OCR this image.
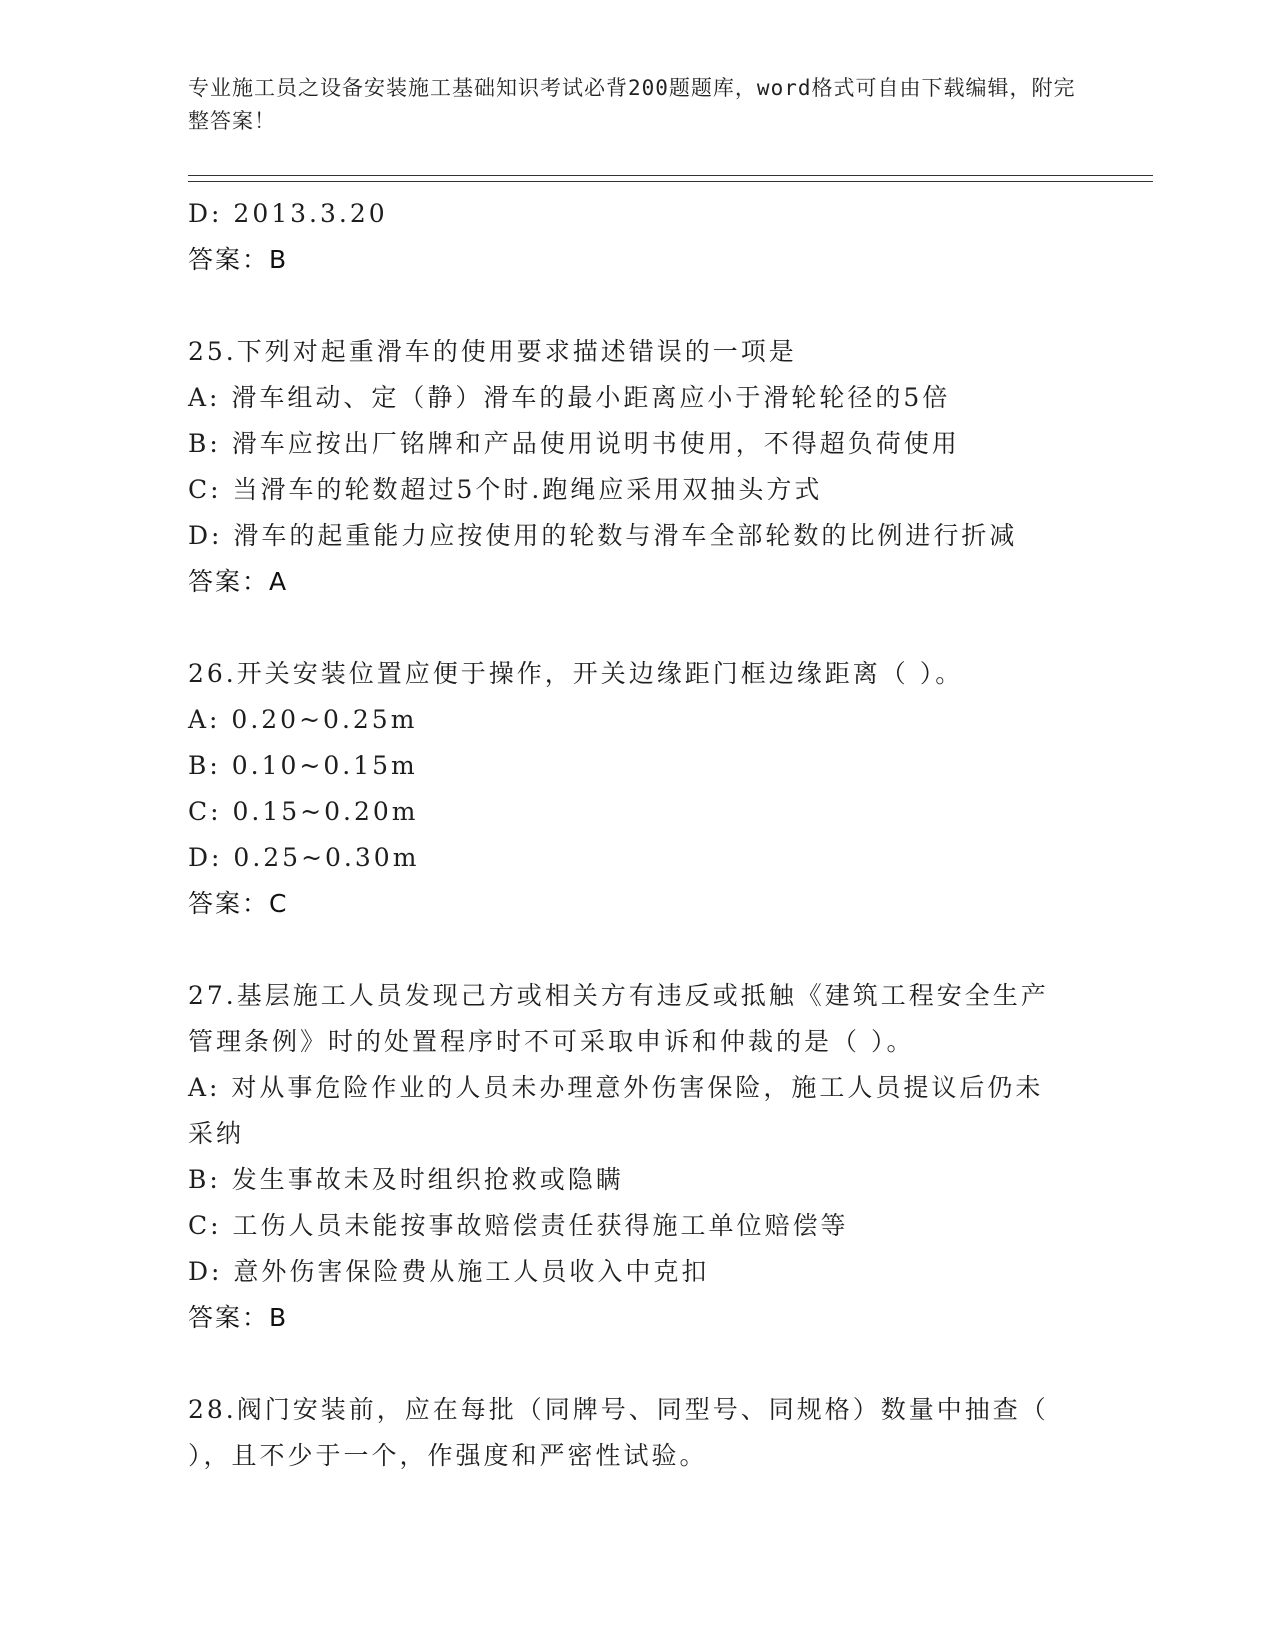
专业施工员之设备安装施工基础知识考试必背200题题库，word格式可自由下载编辑，附完整答案！
D: 2013.3.20
答案：B
25.下列对起重滑车的使用要求描述错误的一项是
A: 滑车组动、定（静）滑车的最小距离应小于滑轮轮径的5倍
B: 滑车应按出厂铭牌和产品使用说明书使用，不得超负荷使用
C: 当滑车的轮数超过5个时.跑绳应采用双抽头方式
D: 滑车的起重能力应按使用的轮数与滑车全部轮数的比例进行折减
答案：A
26.开关安装位置应便于操作，开关边缘距门框边缘距离（ ）。
A: 0.20~0.25m
B: 0.10~0.15m
C: 0.15~0.20m
D: 0.25~0.30m
答案：C
27.基层施工人员发现己方或相关方有违反或抵触《建筑工程安全生产管理条例》时的处置程序时不可采取申诉和仲裁的是（ ）。
A: 对从事危险作业的人员未办理意外伤害保险，施工人员提议后仍未采纳
B: 发生事故未及时组织抢救或隐瞒
C: 工伤人员未能按事故赔偿责任获得施工单位赔偿等
D: 意外伤害保险费从施工人员收入中克扣
答案：B
28.阀门安装前，应在每批（同牌号、同型号、同规格）数量中抽查（ ），且不少于一个，作强度和严密性试验。
